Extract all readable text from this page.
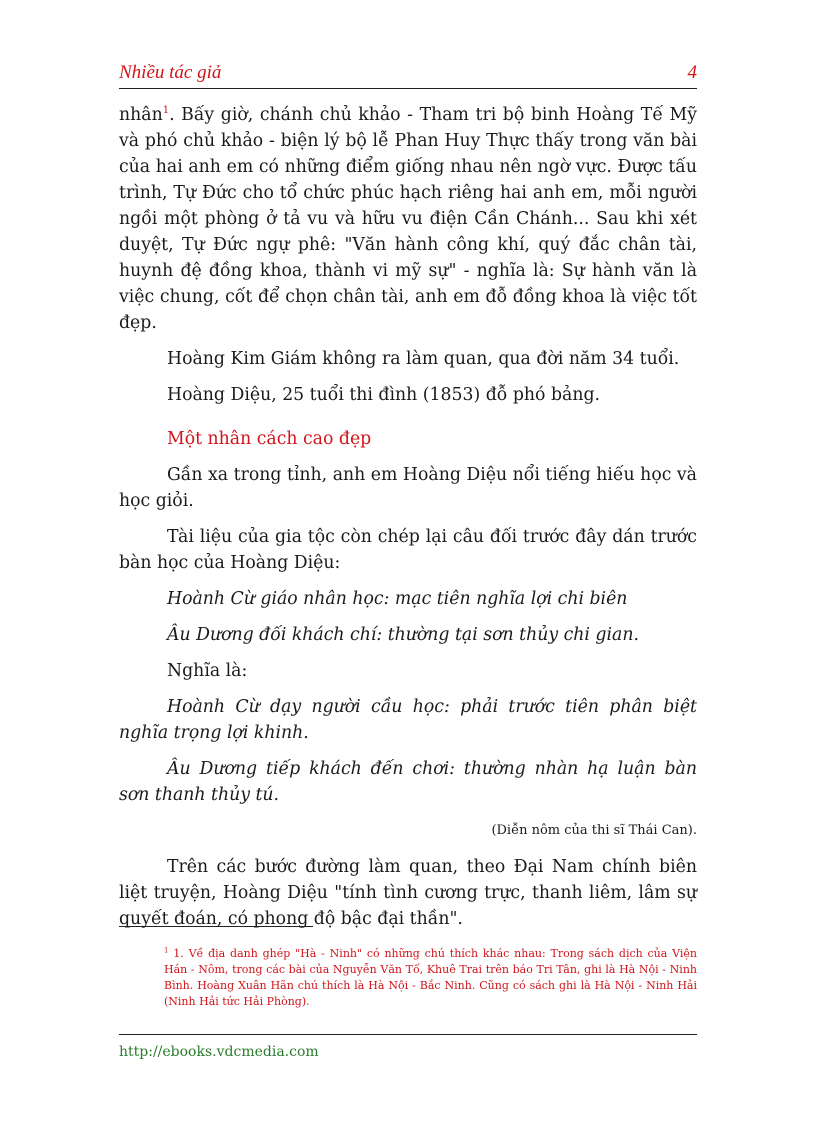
Nhiều tác giả	4

nhân$^1$. Bấy giờ, chánh chủ khảo - Tham tri bộ binh Hoàng Tế Mỹ và phó chủ khảo - biện lý bộ lễ Phan Huy Thực thấy trong văn bài của hai anh em có những điểm giống nhau nên ngờ vực. Được tấu trình, Tự Đức cho tổ chức phúc hạch riêng hai anh em, mỗi người ngồi một phòng ở tả vu và hữu vu điện Cần Chánh... Sau khi xét duyệt, Tự Đức ngự phê: "Văn hành công khí, quý đắc chân tài, huynh đệ đồng khoa, thành vi mỹ sự" - nghĩa là: Sự hành văn là việc chung, cốt để chọn chân tài, anh em đỗ đồng khoa là việc tốt đẹp.

Hoàng Kim Giám không ra làm quan, qua đời năm 34 tuổi.

Hoàng Diệu, 25 tuổi thi đình (1853) đỗ phó bảng.

Một nhân cách cao đẹp

Gần xa trong tỉnh, anh em Hoàng Diệu nổi tiếng hiếu học và học giỏi.

Tài liệu của gia tộc còn chép lại câu đối trước đây dán trước bàn học của Hoàng Diệu:

Hoành Cừ giáo nhân học: mạc tiên nghĩa lợi chi biên

Âu Dương đối khách chí: thường tại sơn thủy chi gian.

Nghĩa là:

Hoành Cừ dạy người cầu học: phải trước tiên phân biệt nghĩa trọng lợi khinh.

Âu Dương tiếp khách đến chơi: thường nhàn hạ luận bàn sơn thanh thủy tú.

(Diễn nôm của thi sĩ Thái Can).

Trên các bước đường làm quan, theo Đại Nam chính biên liệt truyện, Hoàng Diệu "tính tình cương trực, thanh liêm, lâm sự quyết đoán, có phong độ bậc đại thần".

$^1$ 1. Về địa danh ghép "Hà - Ninh" có những chú thích khác nhau: Trong sách dịch của Viện Hán - Nôm, trong các bài của Nguyễn Văn Tố, Khuê Trai trên báo Tri Tân, ghi là Hà Nội - Ninh Bình. Hoàng Xuân Hãn chú thích là Hà Nội - Bắc Ninh. Cũng có sách ghi là Hà Nội - Ninh Hải (Ninh Hải tức Hải Phòng).
http://ebooks.vdcmedia.com
